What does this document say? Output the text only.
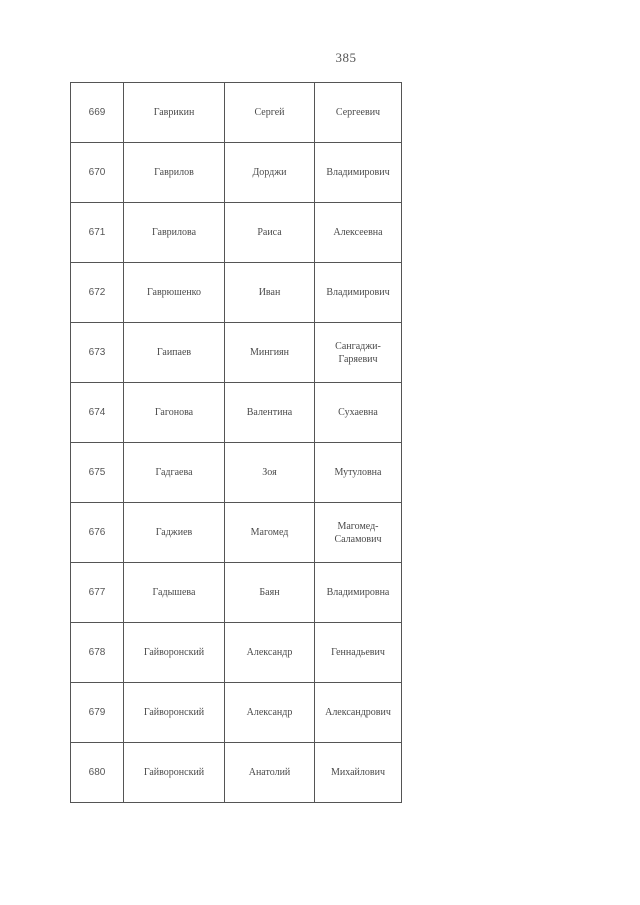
385
669	Гаврикин	Сергей	Сергеевич
670	Гаврилов	Дорджи	Владимирович
671	Гаврилова	Раиса	Алексеевна
672	Гаврюшенко	Иван	Владимирович
673	Гаипаев	Мингиян	Сангаджи-Гаряевич
674	Гагонова	Валентина	Сухаевна
675	Гадгаева	Зоя	Мутуловна
676	Гаджиев	Магомед	Магомед-Саламович
677	Гадышева	Баян	Владимировна
678	Гайворонский	Александр	Геннадьевич
679	Гайворонский	Александр	Александрович
680	Гайворонский	Анатолий	Михайлович
